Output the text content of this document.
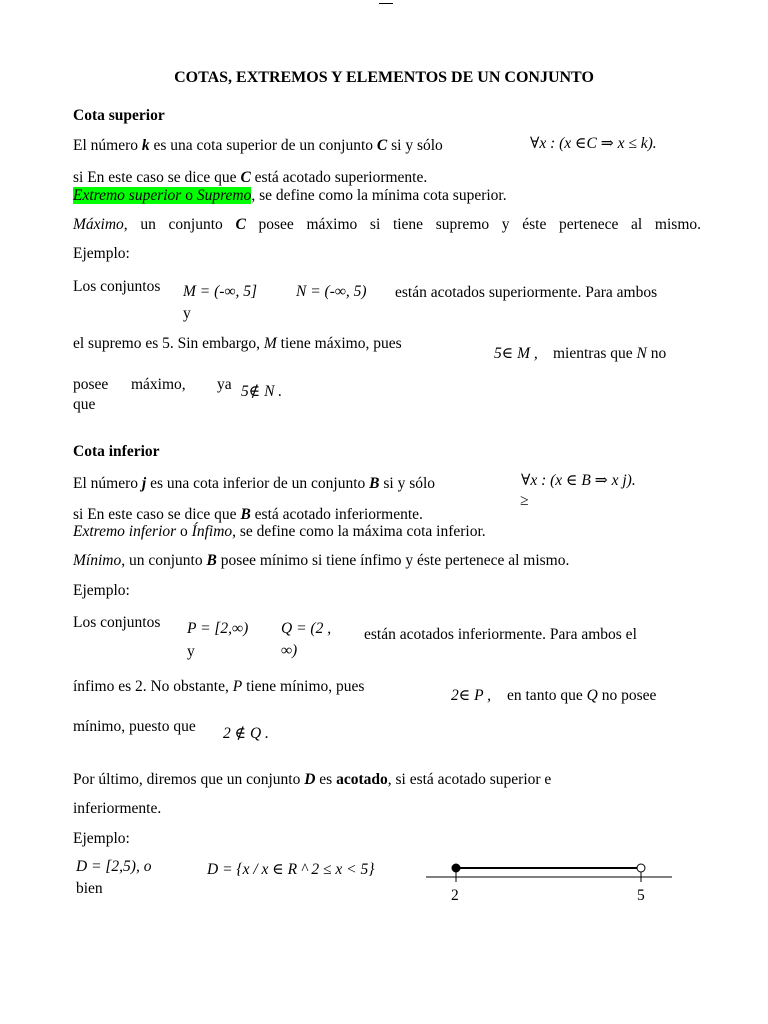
COTAS, EXTREMOS Y ELEMENTOS DE UN CONJUNTO
Cota superior
El número k es una cota superior de un conjunto C si y sólo	∀x : (x ∈C ⇒ x ≤ k).
si En este caso se dice que C está acotado superiormente.
Extremo superior o Supremo, se define como la mínima cota superior.
Máximo, un conjunto C posee máximo si tiene supremo y éste pertenece al mismo.
Ejemplo:
Los conjuntos M = (-∞, 5]	N = (-∞, 5) están acotados superiormente. Para ambos
y
el supremo es 5. Sin embargo, M tiene máximo, pues
5∈ M , mientras que N no
posee máximo, ya
que
5∉ N .
Cota inferior
El número j es una cota inferior de un conjunto B si y sólo	∀x : (x ∈ B ⇒ x j).
≥
si En este caso se dice que B está acotado inferiormente.
Extremo inferior o Ínfimo, se define como la máxima cota inferior.
Mínimo, un conjunto B posee mínimo si tiene ínfimo y éste pertenece al mismo.
Ejemplo:
Los conjuntos P = [2,∞) Q = (2 ,
∞)
y
están acotados inferiormente. Para ambos el
ínfimo es 2. No obstante, P tiene mínimo, pues
2∈ P , en tanto que Q no posee
mínimo, puesto que 2 ∉ Q .
Por último, diremos que un conjunto D es acotado, si está acotado superior e
inferiormente.
Ejemplo:
D = [2,5), o
bien
D = {x / x ∈ R ^ 2 ≤ x < 5}
2	5
